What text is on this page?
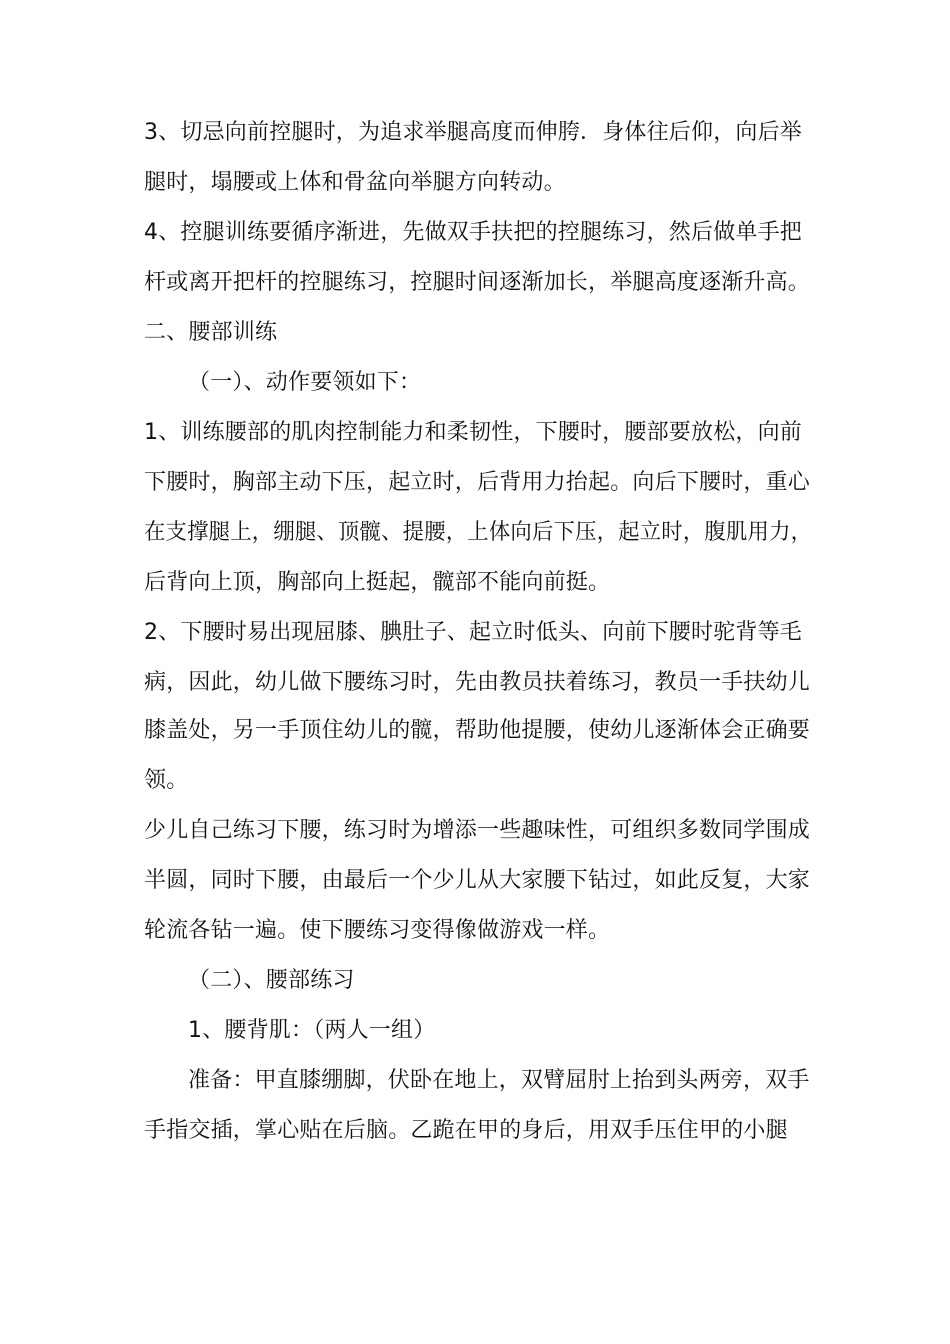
3、切忌向前控腿时，为追求举腿高度而伸胯．身体往后仰，向后举
腿时，塌腰或上体和骨盆向举腿方向转动。
4、控腿训练要循序渐进，先做双手扶把的控腿练习，然后做单手把
杆或离开把杆的控腿练习，控腿时间逐渐加长，举腿高度逐渐升高。
二、腰部训练
（一）、动作要领如下：
1、训练腰部的肌肉控制能力和柔韧性，下腰时，腰部要放松，向前
下腰时，胸部主动下压，起立时，后背用力抬起。向后下腰时，重心
在支撑腿上，绷腿、顶髋、提腰，上体向后下压，起立时，腹肌用力，
后背向上顶，胸部向上挺起，髋部不能向前挺。
2、下腰时易出现屈膝、腆肚子、起立时低头、向前下腰时驼背等毛
病，因此，幼儿做下腰练习时，先由教员扶着练习，教员一手扶幼儿
膝盖处，另一手顶住幼儿的髋，帮助他提腰，使幼儿逐渐体会正确要
领。
少儿自己练习下腰，练习时为增添一些趣味性，可组织多数同学围成
半圆，同时下腰，由最后一个少儿从大家腰下钻过，如此反复，大家
轮流各钻一遍。使下腰练习变得像做游戏一样。
（二）、腰部练习
1、腰背肌：（两人一组）
准备：甲直膝绷脚，伏卧在地上，双臂屈肘上抬到头两旁，双手
手指交插，掌心贴在后脑。乙跪在甲的身后，用双手压住甲的小腿
